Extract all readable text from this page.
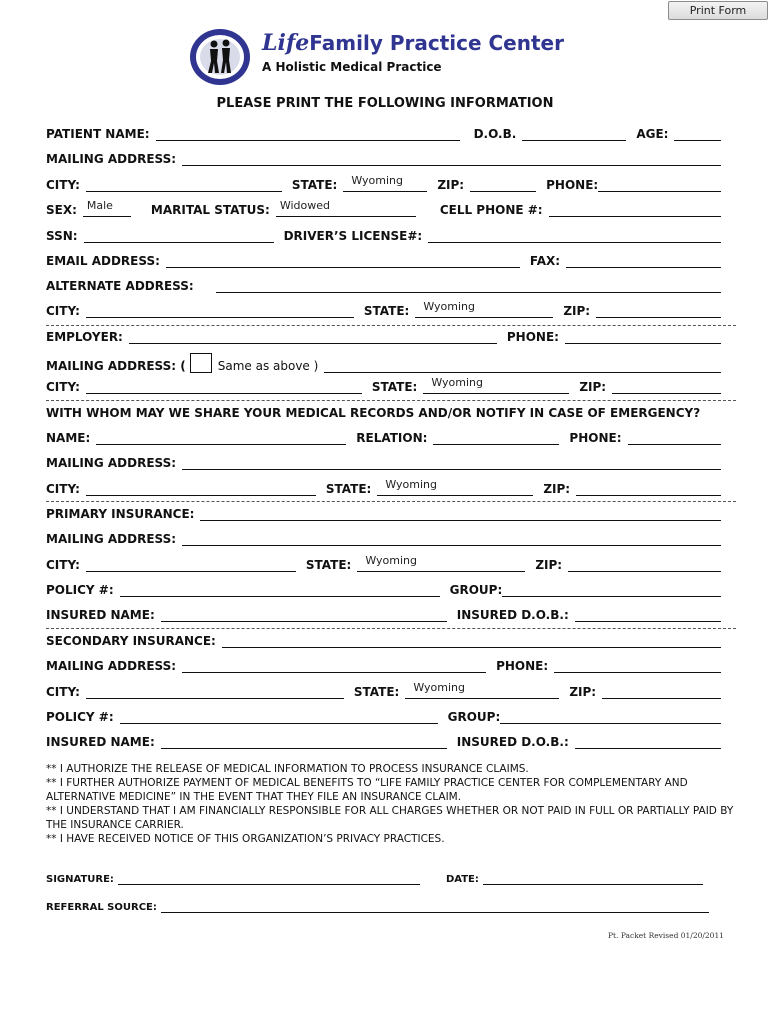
Print Form
LifeFamily Practice Center
A Holistic Medical Practice
PLEASE PRINT THE FOLLOWING INFORMATION
PATIENT NAME:	D.O.B.	AGE:
MAILING ADDRESS:
CITY:	STATE: Wyoming	ZIP:	PHONE:
SEX: Male	MARITAL STATUS: Widowed	CELL PHONE #:
SSN:	DRIVER’S LICENSE#:
EMAIL ADDRESS:	FAX:
ALTERNATE ADDRESS:
CITY:	STATE: Wyoming	ZIP:
EMPLOYER:	PHONE:
MAILING ADDRESS: (	Same as above )
CITY:	STATE: Wyoming	ZIP:
WITH WHOM MAY WE SHARE YOUR MEDICAL RECORDS AND/OR NOTIFY IN CASE OF EMERGENCY?
NAME:	RELATION:	PHONE:
MAILING ADDRESS:
CITY:	STATE: Wyoming	ZIP:
PRIMARY INSURANCE:
MAILING ADDRESS:
CITY:	STATE: Wyoming	ZIP:
POLICY #:	GROUP:
INSURED NAME:	INSURED D.O.B.:
SECONDARY INSURANCE:
MAILING ADDRESS:	PHONE:
CITY:	STATE: Wyoming	ZIP:
POLICY #:	GROUP:
INSURED NAME:	INSURED D.O.B.:

** I AUTHORIZE THE RELEASE OF MEDICAL INFORMATION TO PROCESS INSURANCE CLAIMS.

** I FURTHER AUTHORIZE PAYMENT OF MEDICAL BENEFITS TO “LIFE FAMILY PRACTICE CENTER FOR COMPLEMENTARY AND ALTERNATIVE MEDICINE” IN THE EVENT THAT THEY FILE AN INSURANCE CLAIM.

** I UNDERSTAND THAT I AM FINANCIALLY RESPONSIBLE FOR ALL CHARGES WHETHER OR NOT PAID IN FULL OR PARTIALLY PAID BY THE INSURANCE CARRIER.

** I HAVE RECEIVED NOTICE OF THIS ORGANIZATION’S PRIVACY PRACTICES.

SIGNATURE:	DATE:
REFERRAL SOURCE:
Pt. Packet Revised 01/20/2011
